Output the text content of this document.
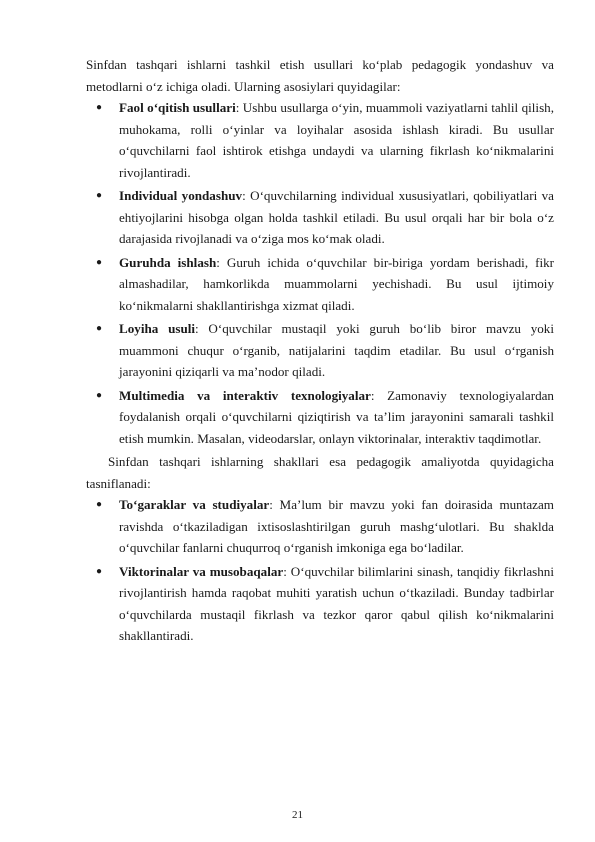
Sinfdan tashqari ishlarni tashkil etish usullari ko‘plab pedagogik yondashuv va metodlarni o‘z ichiga oladi. Ularning asosiylari quyidagilar:

● Faol o‘qitish usullari: Ushbu usullarga o‘yin, muammoli vaziyatlarni tahlil qilish, muhokama, rolli o‘yinlar va loyihalar asosida ishlash kiradi. Bu usullar o‘quvchilarni faol ishtirok etishga undaydi va ularning fikrlash ko‘nikmalarini rivojlantiradi.
● Individual yondashuv: O‘quvchilarning individual xususiyatlari, qobiliyatlari va ehtiyojlarini hisobga olgan holda tashkil etiladi. Bu usul orqali har bir bola o‘z darajasida rivojlanadi va o‘ziga mos ko‘mak oladi.
● Guruhda ishlash: Guruh ichida o‘quvchilar bir-biriga yordam berishadi, fikr almashadilar, hamkorlikda muammolarni yechishadi. Bu usul ijtimoiy ko‘nikmalarni shakllantirishga xizmat qiladi.
● Loyiha usuli: O‘quvchilar mustaqil yoki guruh bo‘lib biror mavzu yoki muammoni chuqur o‘rganib, natijalarini taqdim etadilar. Bu usul o‘rganish jarayonini qiziqarli va ma’nodor qiladi.
● Multimedia va interaktiv texnologiyalar: Zamonaviy texnologiyalardan foydalanish orqali o‘quvchilarni qiziqtirish va ta’lim jarayonini samarali tashkil etish mumkin. Masalan, videodarslar, onlayn viktorinalar, interaktiv taqdimotlar.

Sinfdan tashqari ishlarning shakllari esa pedagogik amaliyotda quyidagicha tasniflanadi:

● To‘garaklar va studiyalar: Ma’lum bir mavzu yoki fan doirasida muntazam ravishda o‘tkaziladigan ixtisoslashtirilgan guruh mashg‘ulotlari. Bu shaklda o‘quvchilar fanlarni chuqurroq o‘rganish imkoniga ega bo‘ladilar.
● Viktorinalar va musobaqalar: O‘quvchilar bilimlarini sinash, tanqidiy fikrlashni rivojlantirish hamda raqobat muhiti yaratish uchun o‘tkaziladi. Bunday tadbirlar o‘quvchilarda mustaqil fikrlash va tezkor qaror qabul qilish ko‘nikmalarini shakllantiradi.
21
